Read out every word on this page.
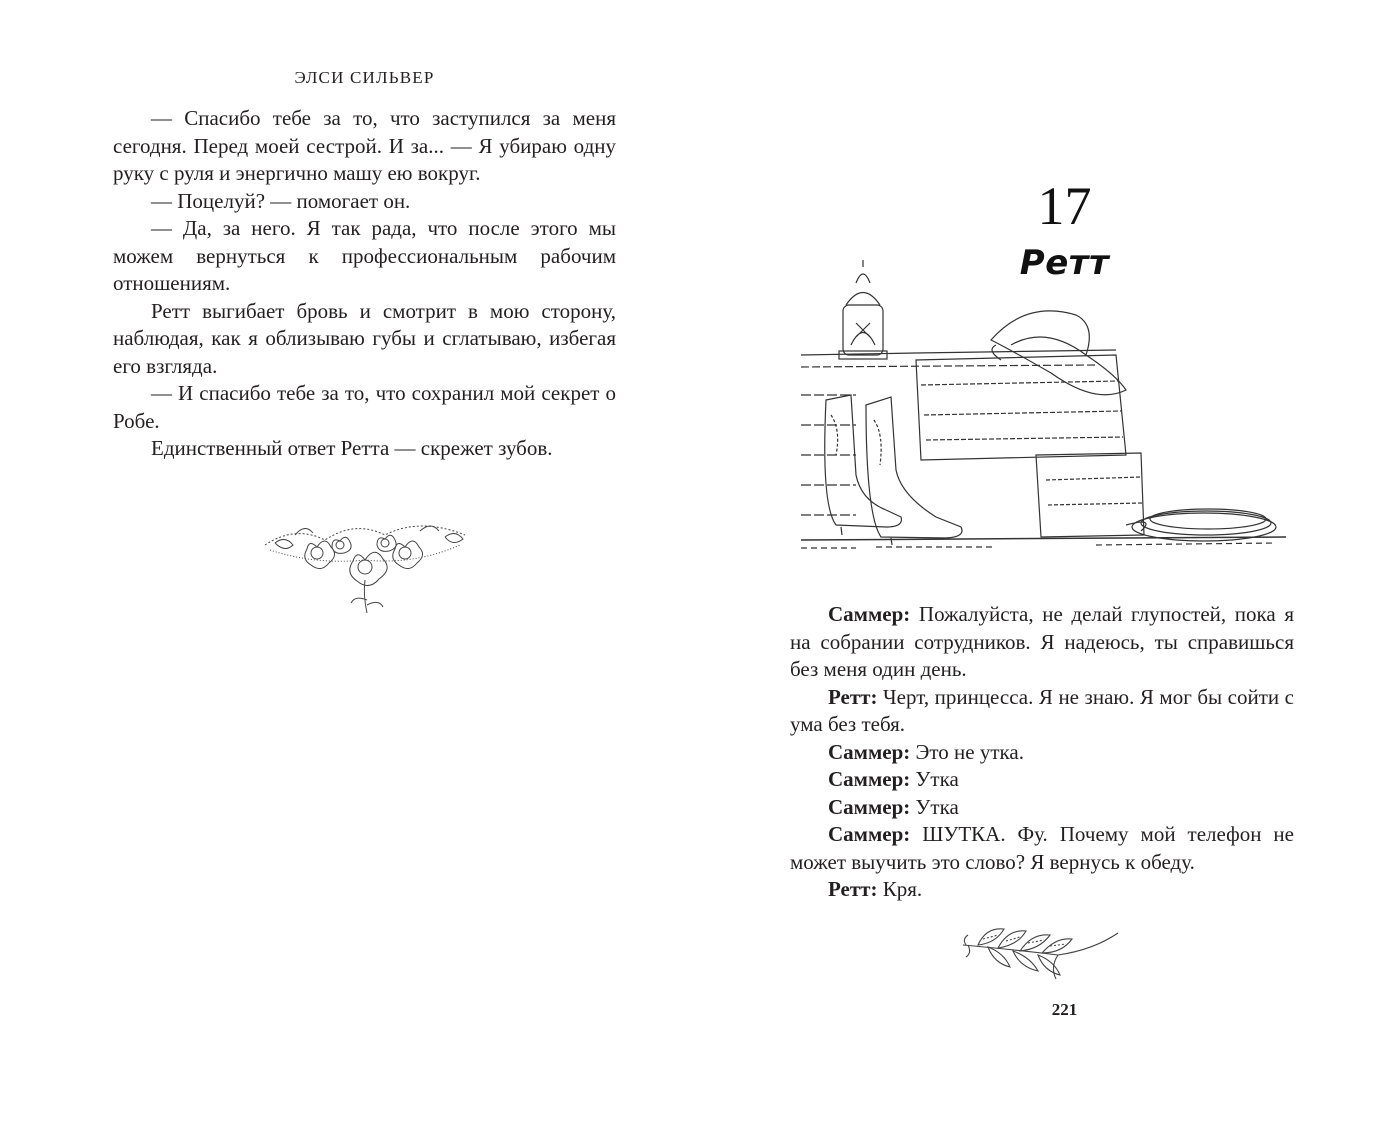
ЭЛСИ СИЛЬВЕР

— Спасибо тебе за то, что заступился за меня сегодня. Перед моей сестрой. И за... — Я убираю одну руку с руля и энергично машу ею вокруг.

— Поцелуй? — помогает он.

— Да, за него. Я так рада, что после этого мы можем вернуться к профессиональным рабочим отношениям.

Ретт выгибает бровь и смотрит в мою сторону, наблюдая, как я облизываю губы и сглатываю, избегая его взгляда.

— И спасибо тебе за то, что сохранил мой секрет о Робе.

Единственный ответ Ретта — скрежет зубов.

17
Ретт

Саммер: Пожалуйста, не делай глупостей, пока я на собрании сотрудников. Я надеюсь, ты справишься без меня один день.

Ретт: Черт, принцесса. Я не знаю. Я мог бы сойти с ума без тебя.

Саммер: Это не утка.

Саммер: Утка

Саммер: Утка

Саммер: ШУТКА. Фу. Почему мой телефон не может выучить это слово? Я вернусь к обеду.

Ретт: Кря.

221
